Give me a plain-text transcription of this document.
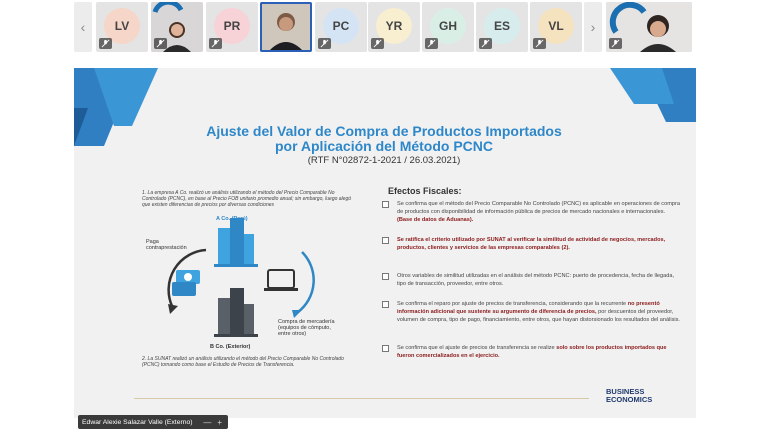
‹	›
LV	PR	PC	YR	GH	ES	VL
Ajuste del Valor de Compra de Productos Importados
por Aplicación del Método PCNC
(RTF N°02872-1-2021 / 26.03.2021)
1. La empresa A Co. realizó un análisis utilizando el método del Precio Comparable No Controlado (PCNC), en base al Precio FOB unitario promedio anual; sin embargo, luego alegó que existen diferencias de precios por diversas condiciones
A Co. (Perú)
Paga contraprestación
Compra de mercadería (equipos de cómputo, entre otros)
B Co. (Exterior)
2. La SUNAT realizó un análisis utilizando el método del Precio Comparable No Controlado (PCNC) tomando como base el Estudio de Precios de Transferencia.
Efectos Fiscales:
Se confirma que el método del Precio Comparable No Controlado (PCNC) es aplicable en operaciones de compra de productos con disponibilidad de información pública de precios de mercado nacionales e internacionales. (Base de datos de Aduanas).
Se ratifica el criterio utilizado por SUNAT al verificar la similitud de actividad de negocios, mercados, productos, clientes y servicios de las empresas comparables (2).
Otros variables de similitud utilizadas en el análisis del método PCNC: puerto de procedencia, fecha de llegada, tipo de transacción, proveedor, entre otros.
Se confirma el reparo por ajuste de precios de transferencia, considerando que la recurrente no presentó información adicional que sustente su argumento de diferencia de precios, por descuentos del proveedor, volumen de compra, tipo de pago, financiamiento, entre otros, que hayan distorsionado los resultados del análisis.
Se confirma que el ajuste de precios de transferencia se realize solo sobre los productos importados que fueron comercializados en el ejercicio.
BUSINESS
ECONOMICS
Edwar Alexie Salazar Valle (Externo) — +
